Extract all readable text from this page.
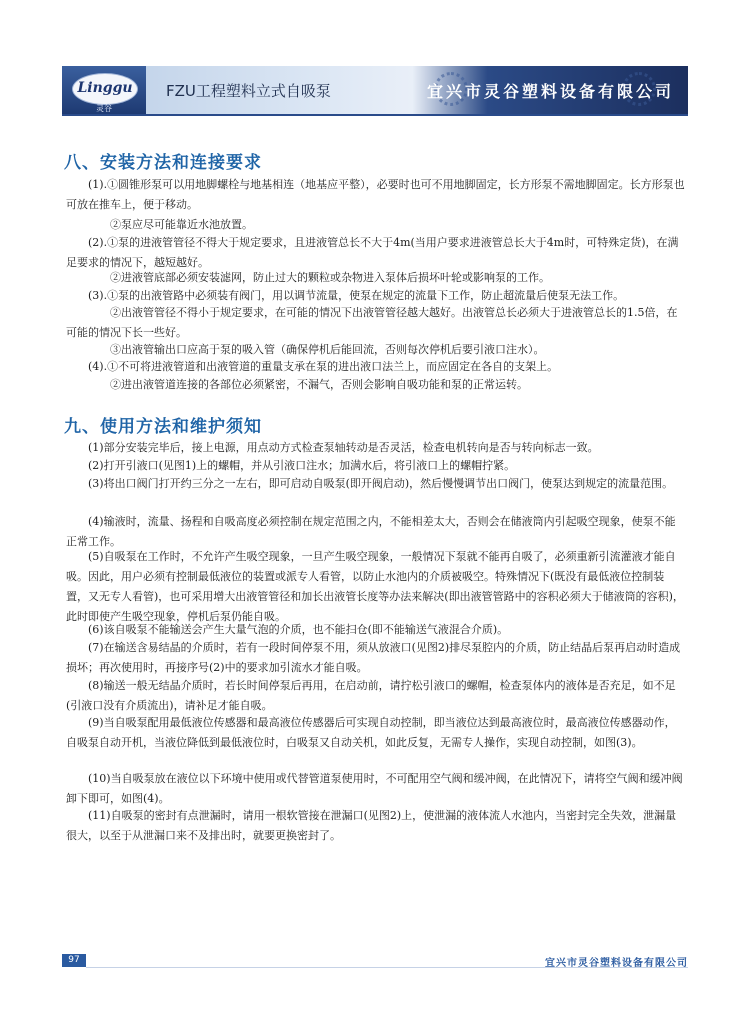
Linggu
灵谷
FZU工程塑料立式自吸泵	宜兴市灵谷塑料设备有限公司
八、安装方法和连接要求

(1).①圆锥形泵可以用地脚螺栓与地基相连（地基应平整），必要时也可不用地脚固定，长方形泵不需地脚固定。长方形泵也可放在推车上，便于移动。

②泵应尽可能靠近水池放置。

(2).①泵的进液管管径不得大于规定要求，且进液管总长不大于4m(当用户要求进液管总长大于4m时，可特殊定货)，在满足要求的情况下，越短越好。

②进液管底部必须安装滤网，防止过大的颗粒或杂物进入泵体后损坏叶轮或影响泵的工作。

(3).①泵的出液管路中必须装有阀门，用以调节流量，使泵在规定的流量下工作，防止超流量后使泵无法工作。

②出液管管径不得小于规定要求，在可能的情况下出液管管径越大越好。出液管总长必须大于进液管总长的1.5倍，在可能的情况下长一些好。

③出液管输出口应高于泵的吸入管（确保停机后能回流，否则每次停机后要引液口注水）。

(4).①不可将进液管道和出液管道的重量支承在泵的进出液口法兰上，而应固定在各自的支架上。

②进出液管道连接的各部位必须紧密，不漏气，否则会影响自吸功能和泵的正常运转。

九、使用方法和维护须知

(1)部分安装完毕后，接上电源，用点动方式检查泵轴转动是否灵活，检查电机转向是否与转向标志一致。

(2)打开引液口(见图1)上的螺帽，并从引液口注水；加满水后，将引液口上的螺帽拧紧。

(3)将出口阀门打开约三分之一左右，即可启动自吸泵(即开阀启动)，然后慢慢调节出口阀门，使泵达到规定的流量范围。

(4)输液时，流量、扬程和自吸高度必须控制在规定范围之内，不能相差太大，否则会在储液筒内引起吸空现象，使泵不能正常工作。

(5)自吸泵在工作时，不允许产生吸空现象，一旦产生吸空现象，一般情况下泵就不能再自吸了，必须重新引流灌液才能自吸。因此，用户必须有控制最低液位的装置或派专人看管，以防止水池内的介质被吸空。特殊情况下(既没有最低液位控制装置，又无专人看管)，也可采用增大出液管管径和加长出液管长度等办法来解决(即出液管管路中的容积必须大于储液筒的容积)，此时即使产生吸空现象，停机后泵仍能自吸。

(6)该自吸泵不能输送会产生大量气泡的介质，也不能扫仓(即不能输送气液混合介质)。

(7)在输送含易结晶的介质时，若有一段时间停泵不用，须从放液口(见图2)排尽泵腔内的介质，防止结晶后泵再启动时造成损坏；再次使用时，再接序号(2)中的要求加引流水才能自吸。

(8)输送一般无结晶介质时，若长时间停泵后再用，在启动前，请拧松引液口的螺帽，检查泵体内的液体是否充足，如不足(引液口没有介质流出)，请补足才能自吸。

(9)当自吸泵配用最低液位传感器和最高液位传感器后可实现自动控制，即当液位达到最高液位时，最高液位传感器动作，自吸泵自动开机，当液位降低到最低液位时，白吸泵又自动关机，如此反复，无需专人操作，实现自动控制，如图(3)。

(10)当自吸泵放在液位以下环境中使用或代替管道泵使用时，不可配用空气阀和缓冲阀，在此情况下，请将空气阀和缓冲阀卸下即可，如图(4)。

(11)自吸泵的密封有点泄漏时，请用一根软管接在泄漏口(见图2)上，使泄漏的液体流人水池内，当密封完全失效，泄漏量很大，以至于从泄漏口来不及排出时，就要更换密封了。

97	宜兴市灵谷塑料设备有限公司
